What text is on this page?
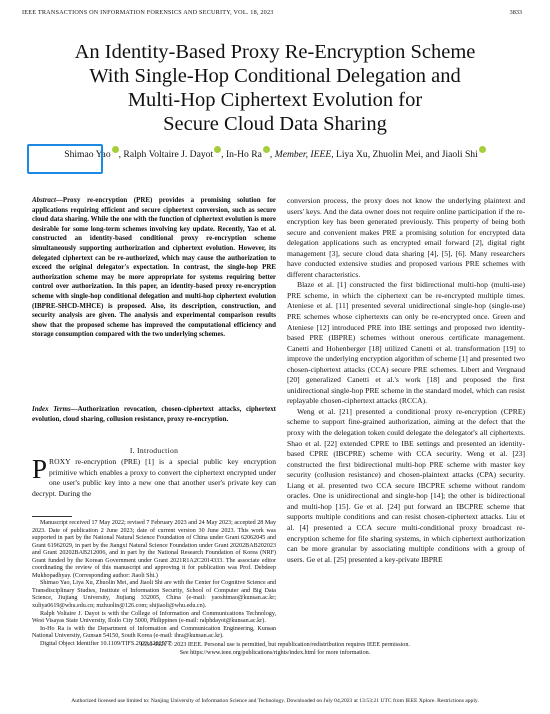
IEEE TRANSACTIONS ON INFORMATION FORENSICS AND SECURITY, VOL. 18, 2023	3833
An Identity-Based Proxy Re-Encryption Scheme
With Single-Hop Conditional Delegation and
Multi-Hop Ciphertext Evolution for
Secure Cloud Data Sharing
Shimao Yao , Ralph Voltaire J. Dayot , In-Ho Ra , Member, IEEE, Liya Xu, Zhuolin Mei, and Jiaoli Shi

Abstract—Proxy re-encryption (PRE) provides a promising solution for applications requiring efficient and secure ciphertext conversion, such as secure cloud data sharing. While the one with the function of ciphertext evolution is more desirable for some long-term schemes involving key update. Recently, Yao et al. constructed an identity-based conditional proxy re-encryption scheme simultaneously supporting authorization and ciphertext evolution. However, its delegated ciphertext can be re-authorized, which may cause the authorization to exceed the original delegator's expectation. In contrast, the single-hop PRE authorization scheme may be more appropriate for systems requiring better control over authorization. In this paper, an identity-based proxy re-encryption scheme with single-hop conditional delegation and multi-hop ciphertext evolution (IBPRE-SHCD-MHCE) is proposed. Also, its description, construction, and security analysis are given. The analysis and experimental comparison results show that the proposed scheme has improved the computational efficiency and storage consumption compared with the two underlying schemes.

Index Terms—Authorization revocation, chosen-ciphertext attacks, ciphertext evolution, cloud sharing, collusion resistance, proxy re-encryption.

I. Introduction

PROXY re-encryption (PRE) [1] is a special public key encryption primitive which enables a proxy to convert the ciphertext encrypted under one user's public key into a new one that another user's private key can decrypt. During the

Manuscript received 17 May 2022; revised 7 February 2023 and 24 May 2023; accepted 28 May 2023. Date of publication 2 June 2023; date of current version 30 June 2023. This work was supported in part by the National Natural Science Foundation of China under Grant 62062045 and Grant 61962029, in part by the Jiangxi Natural Science Foundation under Grant 20202BAB202023 and Grant 20202BAB212006, and in part by the National Research Foundation of Korea (NRF) Grant funded by the Korean Government under Grant 2021R1A2C2014333. The associate editor coordinating the review of this manuscript and approving it for publication was Prof. Debdeep Mukhopadhyay. (Corresponding author: Jiaoli Shi.)

Shimao Yao, Liya Xu, Zhuolin Mei, and Jiaoli Shi are with the Center for Cognitive Science and Transdisciplinary Studies, Institute of Information Security, School of Computer and Big Data Science, Jiujiang University, Jiujiang 332005, China (e-mail: yaoshimao@kunsan.ac.kr; xuliya0619@whu.edu.cn; mzhuolin@126.com; shijiaoli@whu.edu.cn).

Ralph Voltaire J. Dayot is with the College of Information and Communications Technology, West Visayas State University, Iloilo City 5000, Philippines (e-mail: ralphdayot@kunsan.ac.kr).

In-Ho Ra is with the Department of Information and Communication Engineering, Kunsan National University, Gunsan 54150, South Korea (e-mail: ihra@kunsan.ac.kr).

Digital Object Identifier 10.1109/TIFS.2023.3282577

conversion process, the proxy does not know the underlying plaintext and users' keys. And the data owner does not require online participation if the re-encryption key has been generated previously. This property of being both secure and convenient makes PRE a promising solution for encrypted data delegation applications such as encrypted email forward [2], digital right management [3], secure cloud data sharing [4], [5], [6]. Many researchers have conducted extensive studies and proposed various PRE schemes with different characteristics.

Blaze et al. [1] constructed the first bidirectional multi-hop (multi-use) PRE scheme, in which the ciphertext can be re-encrypted multiple times. Ateniese et al. [11] presented several unidirectional single-hop (single-use) PRE schemes whose ciphertexts can only be re-encrypted once. Green and Ateniese [12] introduced PRE into IBE settings and proposed two identity-based PRE (IBPRE) schemes without onerous certificate management. Canetti and Hohenberger [18] utilized Canetti et al. transformation [19] to improve the underlying encryption algorithm of scheme [1] and presented two chosen-ciphertext attacks (CCA) secure PRE schemes. Libert and Vergnaud [20] generalized Canetti et al.'s work [18] and proposed the first unidirectional single-hop PRE scheme in the standard model, which can resist replayable chosen-ciphertext attacks (RCCA).

Weng et al. [21] presented a conditional proxy re-encryption (CPRE) scheme to support fine-grained authorization, aiming at the defect that the proxy with the delegation token could delegate the delegator's all ciphertexts. Shao et al. [22] extended CPRE to IBE settings and presented an identity-based CPRE (IBCPRE) scheme with CCA security. Weng et al. [23] constructed the first bidirectional multi-hop PRE scheme with master key security (collusion resistance) and chosen-plaintext attacks (CPA) security. Liang et al. presented two CCA secure IBCPRE scheme without random oracles. One is unidirectional and single-hop [14]; the other is bidirectional and multi-hop [15]. Ge et al. [24] put forward an IBCPRE scheme that supports multiple conditions and can resist chosen-ciphertext attacks. Liu et al. [4] presented a CCA secure multi-conditional proxy broadcast re-encryption scheme for file sharing systems, in which ciphertext authorization can be more granular by associating multiple conditions with a group of users. Ge et al. [25] presented a key-private IBPRE

1556-6021 © 2023 IEEE. Personal use is permitted, but republication/redistribution requires IEEE permission.
See https://www.ieee.org/publications/rights/index.html for more information.
Authorized licensed use limited to: Nanjing University of Information Science and Technology. Downloaded on July 04,2023 at 13:53:21 UTC from IEEE Xplore. Restrictions apply.
